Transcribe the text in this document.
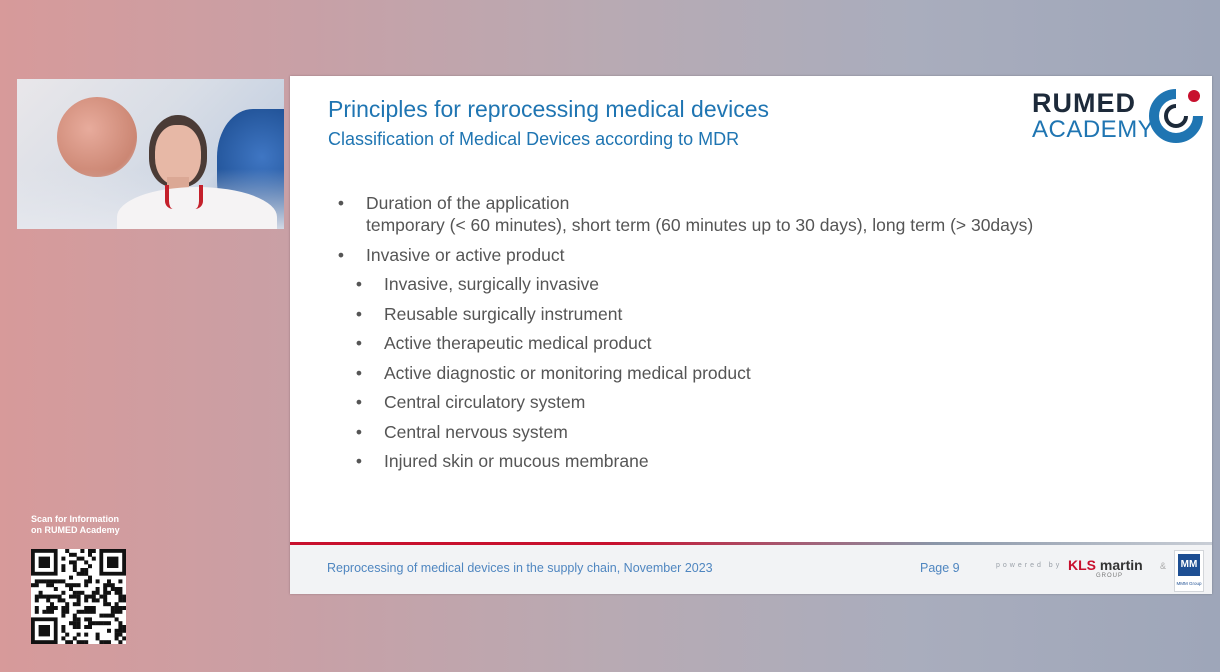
Principles for reprocessing medical devices
Classification of Medical Devices according to MDR
RUMED
ACADEMY
• Duration of the application
temporary (< 60 minutes), short term (60 minutes up to 30 days), long term (> 30days)
• Invasive or active product
• Invasive, surgically invasive
• Reusable surgically instrument
• Active therapeutic medical product
• Active diagnostic or monitoring medical product
• Central circulatory system
• Central nervous system
• Injured skin or mucous membrane
Reprocessing of medical devices in the supply chain, November 2023	Page 9	powered by KLS martin
GROUP
& MM
MMM Group
Scan for Information
on RUMED Academy
